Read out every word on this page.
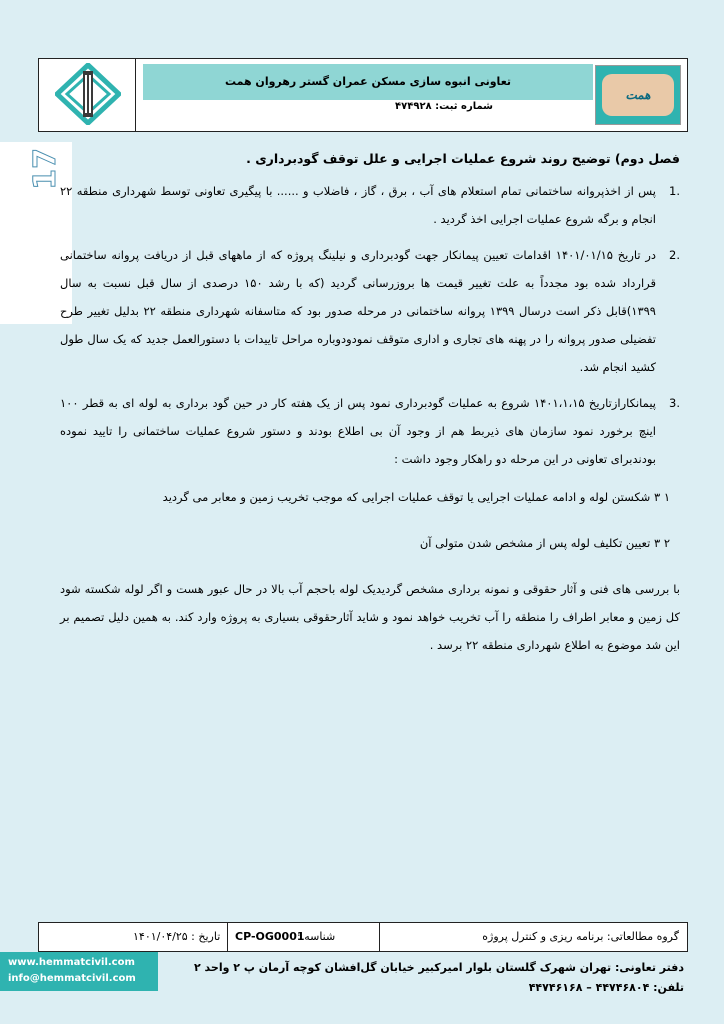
همت
تعاونی انبوه سازی مسکن عمران گستر رهروان همت
شماره ثبت: ۴۷۴۹۲۸
17	فصل دوم) توضیح روند شروع عملیات اجرایی و علل توقف گودبرداری .
.1
پس از اخذپروانه ساختمانی تمام استعلام های آب ، برق ، گاز ، فاضلاب و ...... با پیگیری تعاونی توسط شهرداری منطقه ۲۲ انجام و برگه شروع عملیات اجرایی اخذ گردید .
.2
در تاریخ ۱۴۰۱/۰۱/۱۵ اقدامات تعیین پیمانکار جهت گودبرداری و نیلینگ پروژه که از ماههای قبل از دریافت پروانه ساختمانی قرارداد شده بود مجدداً به علت تغییر قیمت ها بروزرسانی گردید (که با رشد ۱۵۰ درصدی از سال قبل نسبت به سال ۱۳۹۹)قابل ذکر است درسال ۱۳۹۹ پروانه ساختمانی در مرحله صدور بود که متاسفانه شهرداری منطقه ۲۲ بدلیل تغییر طرح تفضیلی صدور پروانه را در پهنه های تجاری و اداری متوقف نمودودوباره مراحل تاییدات با دستورالعمل جدید که یک سال طول کشید انجام شد.
.3
پیمانکارازتاریخ ۱۴۰۱،۱،۱۵ شروع به عملیات گودبرداری نمود پس از یک هفته کار در حین گود برداری به لوله ای به قطر ۱۰۰ اینچ برخورد نمود سازمان های ذیربط هم از وجود آن بی اطلاع بودند و دستور شروع عملیات ساختمانی را تایید نموده بودندبرای تعاونی در این مرحله دو راهکار وجود داشت :
۱ ۳ شکستن لوله و ادامه عملیات اجرایی یا توقف عملیات اجرایی که موجب تخریب زمین و معابر می گردید
۲ ۳ تعیین تکلیف لوله پس از مشخص شدن متولی آن
با بررسی های فنی و آثار حقوقی و نمونه برداری مشخص گردیدیک لوله باحجم آب بالا در حال عبور هست و اگر لوله شکسته شود کل زمین و معابر اطراف را منطقه را آب تخریب خواهد نمود و شاید آثارحقوقی بسیاری به پروژه وارد کند. به همین دلیل تصمیم بر این شد موضوع به اطلاع شهرداری منطقه ۲۲ برسد .
گروه مطالعاتی: برنامه ریزی و کنترل پروژه
شناسه :
CP-OG0001
تاریخ : ۱۴۰۱/۰۴/۲۵
www.hemmatcivil.com
info@hemmatcivil.com
دفتر تعاونی: تهران شهرک گلستان بلوار امیرکبیر خیابان گل‌افشان کوچه آرمان پ ۲ واحد ۲
تلفن: ۴۴۷۴۶۸۰۴ – ۴۴۷۴۶۱۶۸
